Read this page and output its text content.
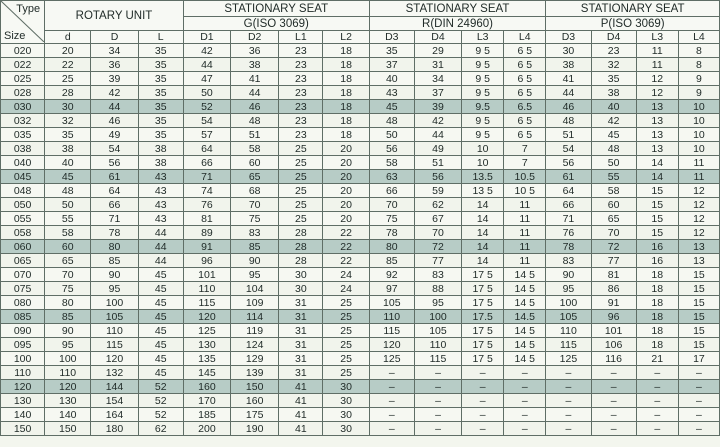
Type
Size	ROTARY UNIT			STATIONARY SEAT				STATIONARY SEAT				STATIONARY SEAT			
				G(ISO 3069)				R(DIN 24960)				P(ISO 3069)			
	d	D	L	D1	D2	L1	L2	D3	D4	L3	L4	D3	D4	L3	L4
020	20	34	35	42	36	23	18	35	29	9 5	6 5	30	23	11	8
022	22	36	35	44	38	23	18	37	31	9 5	6 5	38	32	11	8
025	25	39	35	47	41	23	18	40	34	9 5	6 5	41	35	12	9
028	28	42	35	50	44	23	18	43	37	9 5	6 5	44	38	12	9
030	30	44	35	52	46	23	18	45	39	9.5	6.5	46	40	13	10
032	32	46	35	54	48	23	18	48	42	9 5	6 5	48	42	13	10
035	35	49	35	57	51	23	18	50	44	9 5	6 5	51	45	13	10
038	38	54	38	64	58	25	20	56	49	10	7	54	48	13	10
040	40	56	38	66	60	25	20	58	51	10	7	56	50	14	11
045	45	61	43	71	65	25	20	63	56	13.5	10.5	61	55	14	11
048	48	64	43	74	68	25	20	66	59	13 5	10 5	64	58	15	12
050	50	66	43	76	70	25	20	70	62	14	11	66	60	15	12
055	55	71	43	81	75	25	20	75	67	14	11	71	65	15	12
058	58	78	44	89	83	28	22	78	70	14	11	76	70	15	12
060	60	80	44	91	85	28	22	80	72	14	11	78	72	16	13
065	65	85	44	96	90	28	22	85	77	14	11	83	77	16	13
070	70	90	45	101	95	30	24	92	83	17 5	14 5	90	81	18	15
075	75	95	45	110	104	30	24	97	88	17 5	14 5	95	86	18	15
080	80	100	45	115	109	31	25	105	95	17 5	14 5	100	91	18	15
085	85	105	45	120	114	31	25	110	100	17.5	14.5	105	96	18	15
090	90	110	45	125	119	31	25	115	105	17 5	14 5	110	101	18	15
095	95	115	45	130	124	31	25	120	110	17 5	14 5	115	106	18	15
100	100	120	45	135	129	31	25	125	115	17 5	14 5	125	116	21	17
110	110	132	45	145	139	31	25	–	–	–	–	–	–	–	–
120	120	144	52	160	150	41	30	–	–	–	–	–	–	–	–
130	130	154	52	170	160	41	30	–	–	–	–	–	–	–	–
140	140	164	52	185	175	41	30	–	–	–	–	–	–	–	–
150	150	180	62	200	190	41	30	–	–	–	–	–	–	–	–
